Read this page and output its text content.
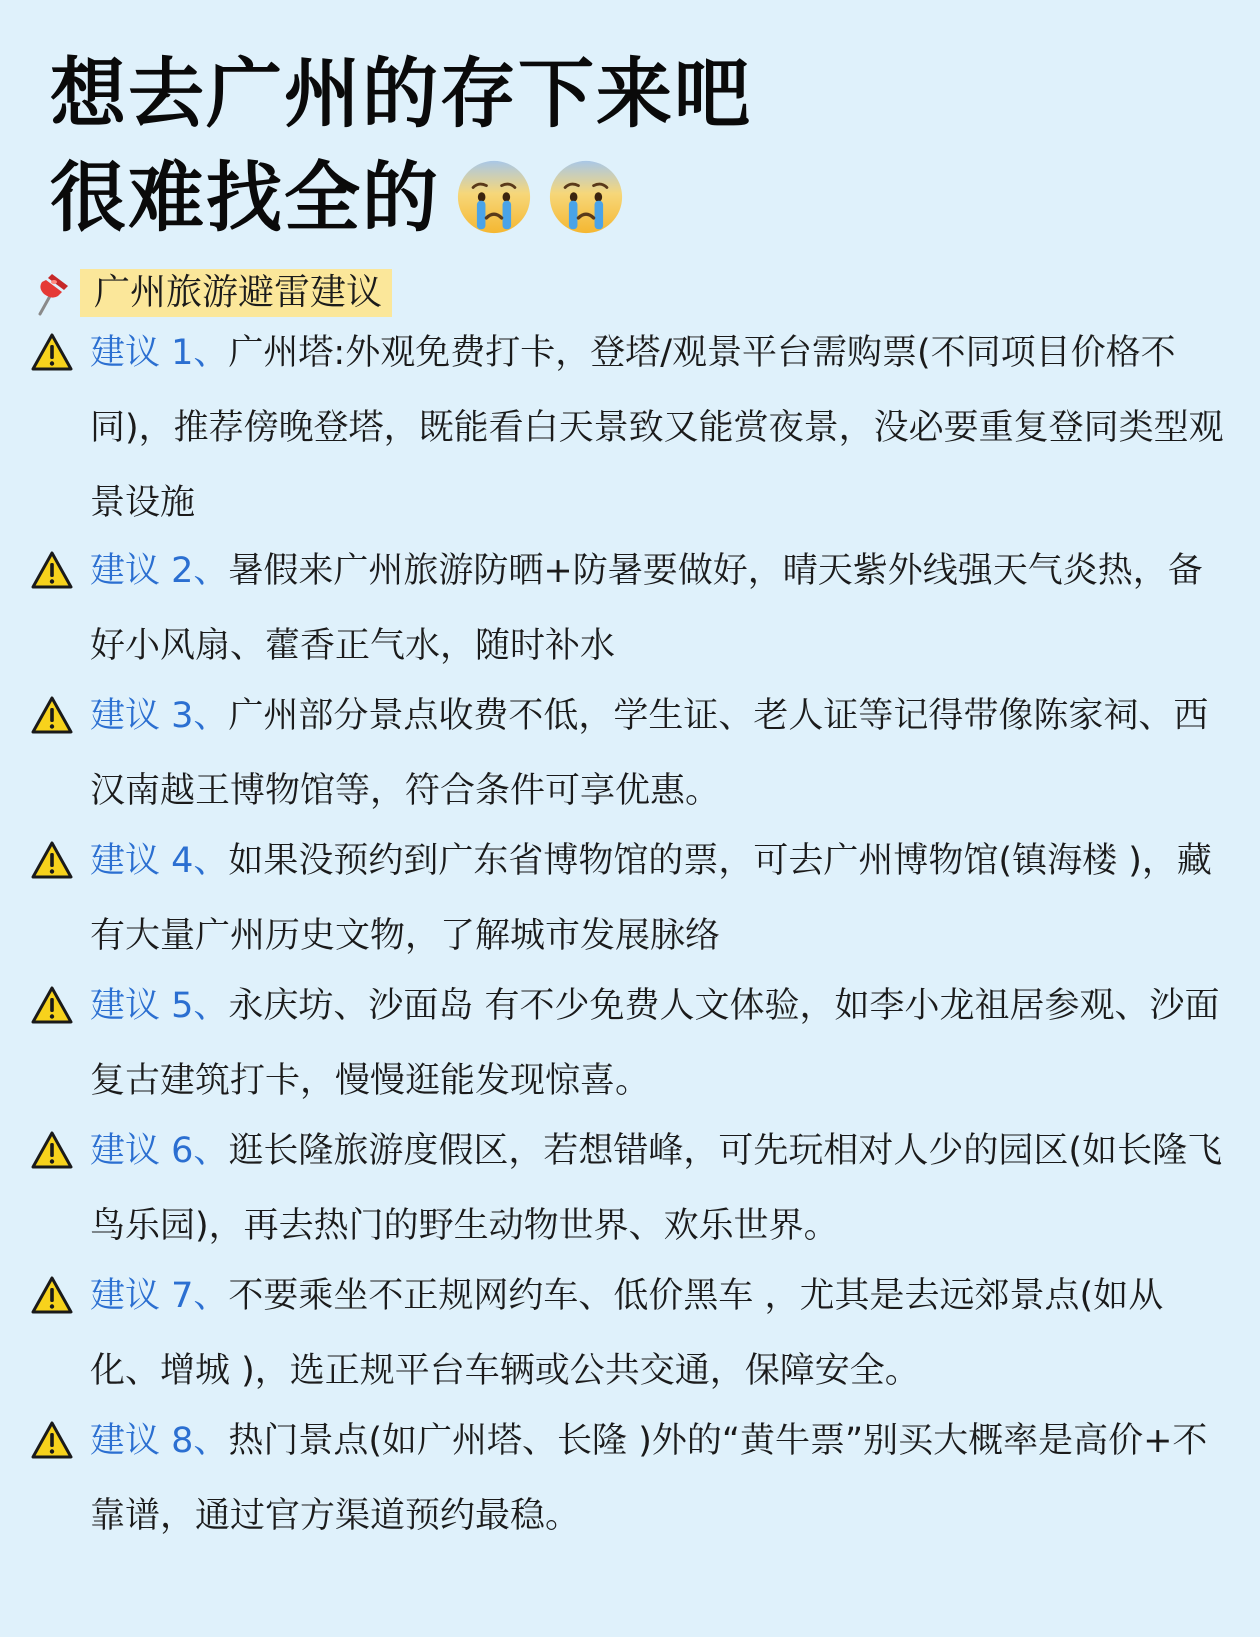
想去广州的存下来吧
很难找全的
广州旅游避雷建议
建议 1、广州塔:外观免费打卡，登塔/观景平台需购票(不同项目价格不同)，推荐傍晚登塔，既能看白天景致又能赏夜景，没必要重复登同类型观景设施
建议 2、暑假来广州旅游防晒+防暑要做好，晴天紫外线强天气炎热，备好小风扇、藿香正气水，随时补水
建议 3、广州部分景点收费不低，学生证、老人证等记得带像陈家祠、西汉南越王博物馆等，符合条件可享优惠。
建议 4、如果没预约到广东省博物馆的票，可去广州博物馆(镇海楼 )，藏有大量广州历史文物，了解城市发展脉络
建议 5、永庆坊、沙面岛 有不少免费人文体验，如李小龙祖居参观、沙面复古建筑打卡，慢慢逛能发现惊喜。
建议 6、逛长隆旅游度假区，若想错峰，可先玩相对人少的园区(如长隆飞鸟乐园)，再去热门的野生动物世界、欢乐世界。
建议 7、不要乘坐不正规网约车、低价黑车 ，尤其是去远郊景点(如从化、增城 )，选正规平台车辆或公共交通，保障安全。
建议 8、热门景点(如广州塔、长隆 )外的“黄牛票”别买大概率是高价+不靠谱，通过官方渠道预约最稳。
